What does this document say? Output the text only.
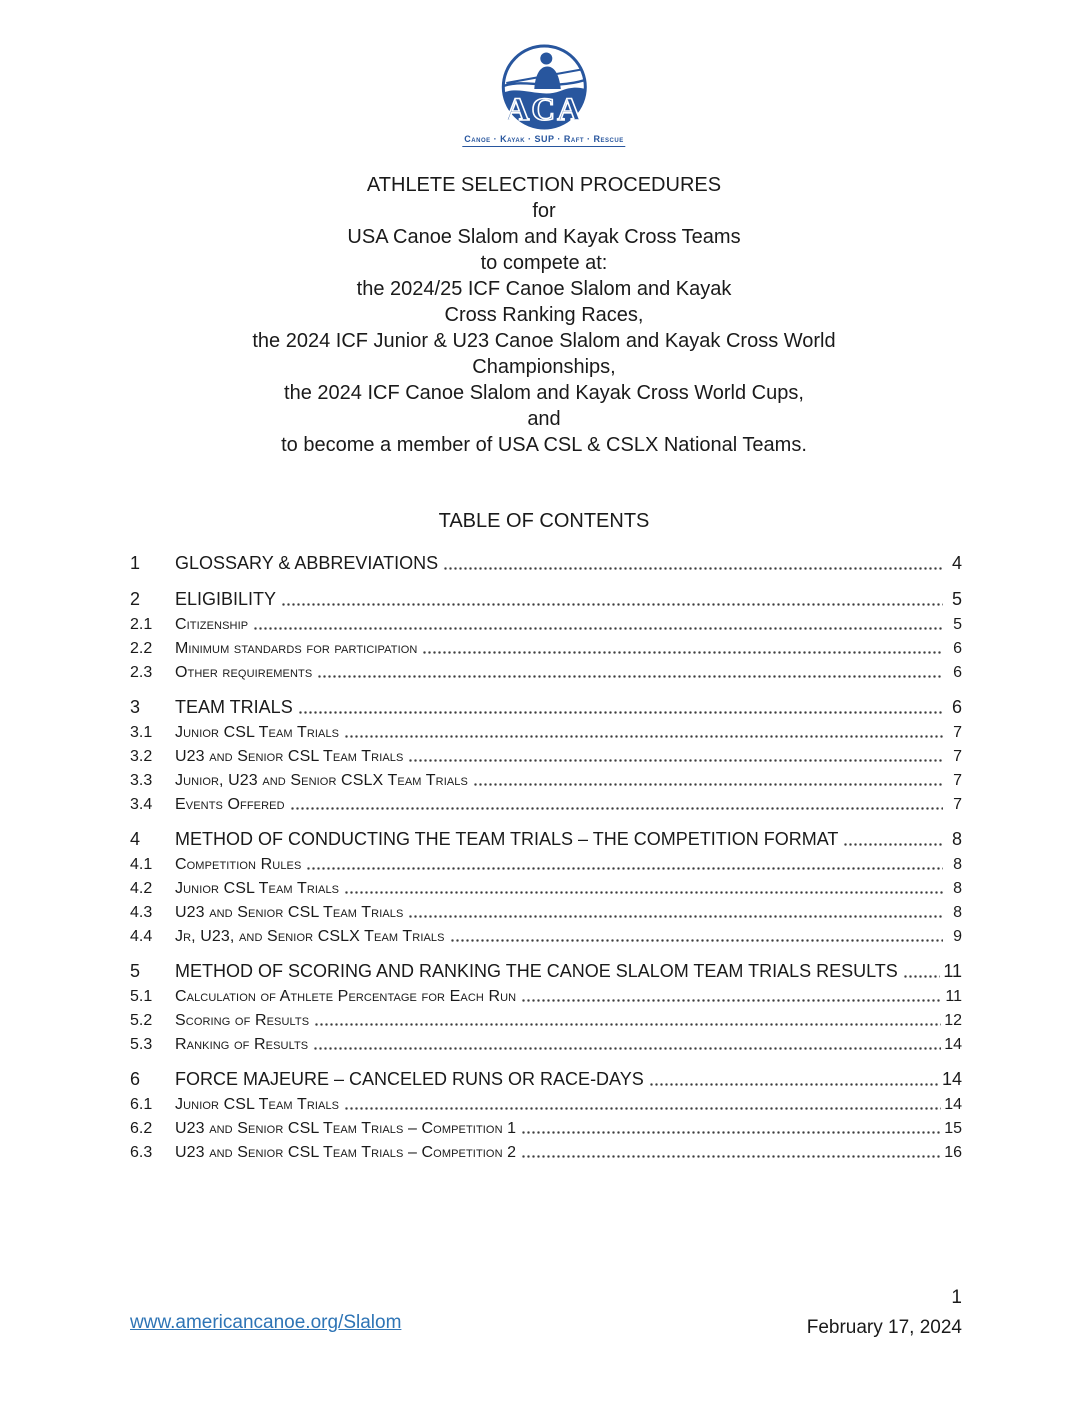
ACA
Canoe · Kayak · SUP · Raft · Rescue
ATHLETE SELECTION PROCEDURES
for
USA Canoe Slalom and Kayak Cross Teams
to compete at:
the 2024/25 ICF Canoe Slalom and Kayak
Cross Ranking Races,
the 2024 ICF Junior & U23 Canoe Slalom and Kayak Cross World
Championships,
the 2024 ICF Canoe Slalom and Kayak Cross World Cups,
and
to become a member of USA CSL & CSLX National Teams.
TABLE OF CONTENTS
1	GLOSSARY & ABBREVIATIONS	4
2	ELIGIBILITY	5
2.1	Citizenship	5
2.2	Minimum standards for participation	6
2.3	Other requirements	6
3	TEAM TRIALS	6
3.1	Junior CSL Team Trials	7
3.2	U23 and Senior CSL Team Trials	7
3.3	Junior, U23 and Senior CSLX Team Trials	7
3.4	Events Offered	7
4	METHOD OF CONDUCTING THE TEAM TRIALS – THE COMPETITION FORMAT	8
4.1	Competition Rules	8
4.2	Junior CSL Team Trials	8
4.3	U23 and Senior CSL Team Trials	8
4.4	Jr, U23, and Senior CSLX Team Trials	9
5	METHOD OF SCORING AND RANKING THE CANOE SLALOM TEAM TRIALS RESULTS	11
5.1	Calculation of Athlete Percentage for Each Run	11
5.2	Scoring of Results	12
5.3	Ranking of Results	14
6	FORCE MAJEURE – CANCELED RUNS OR RACE-DAYS	14
6.1	Junior CSL Team Trials	14
6.2	U23 and Senior CSL Team Trials – Competition 1	15
6.3	U23 and Senior CSL Team Trials – Competition 2	16
www.americancanoe.org/Slalom
1
February 17, 2024
